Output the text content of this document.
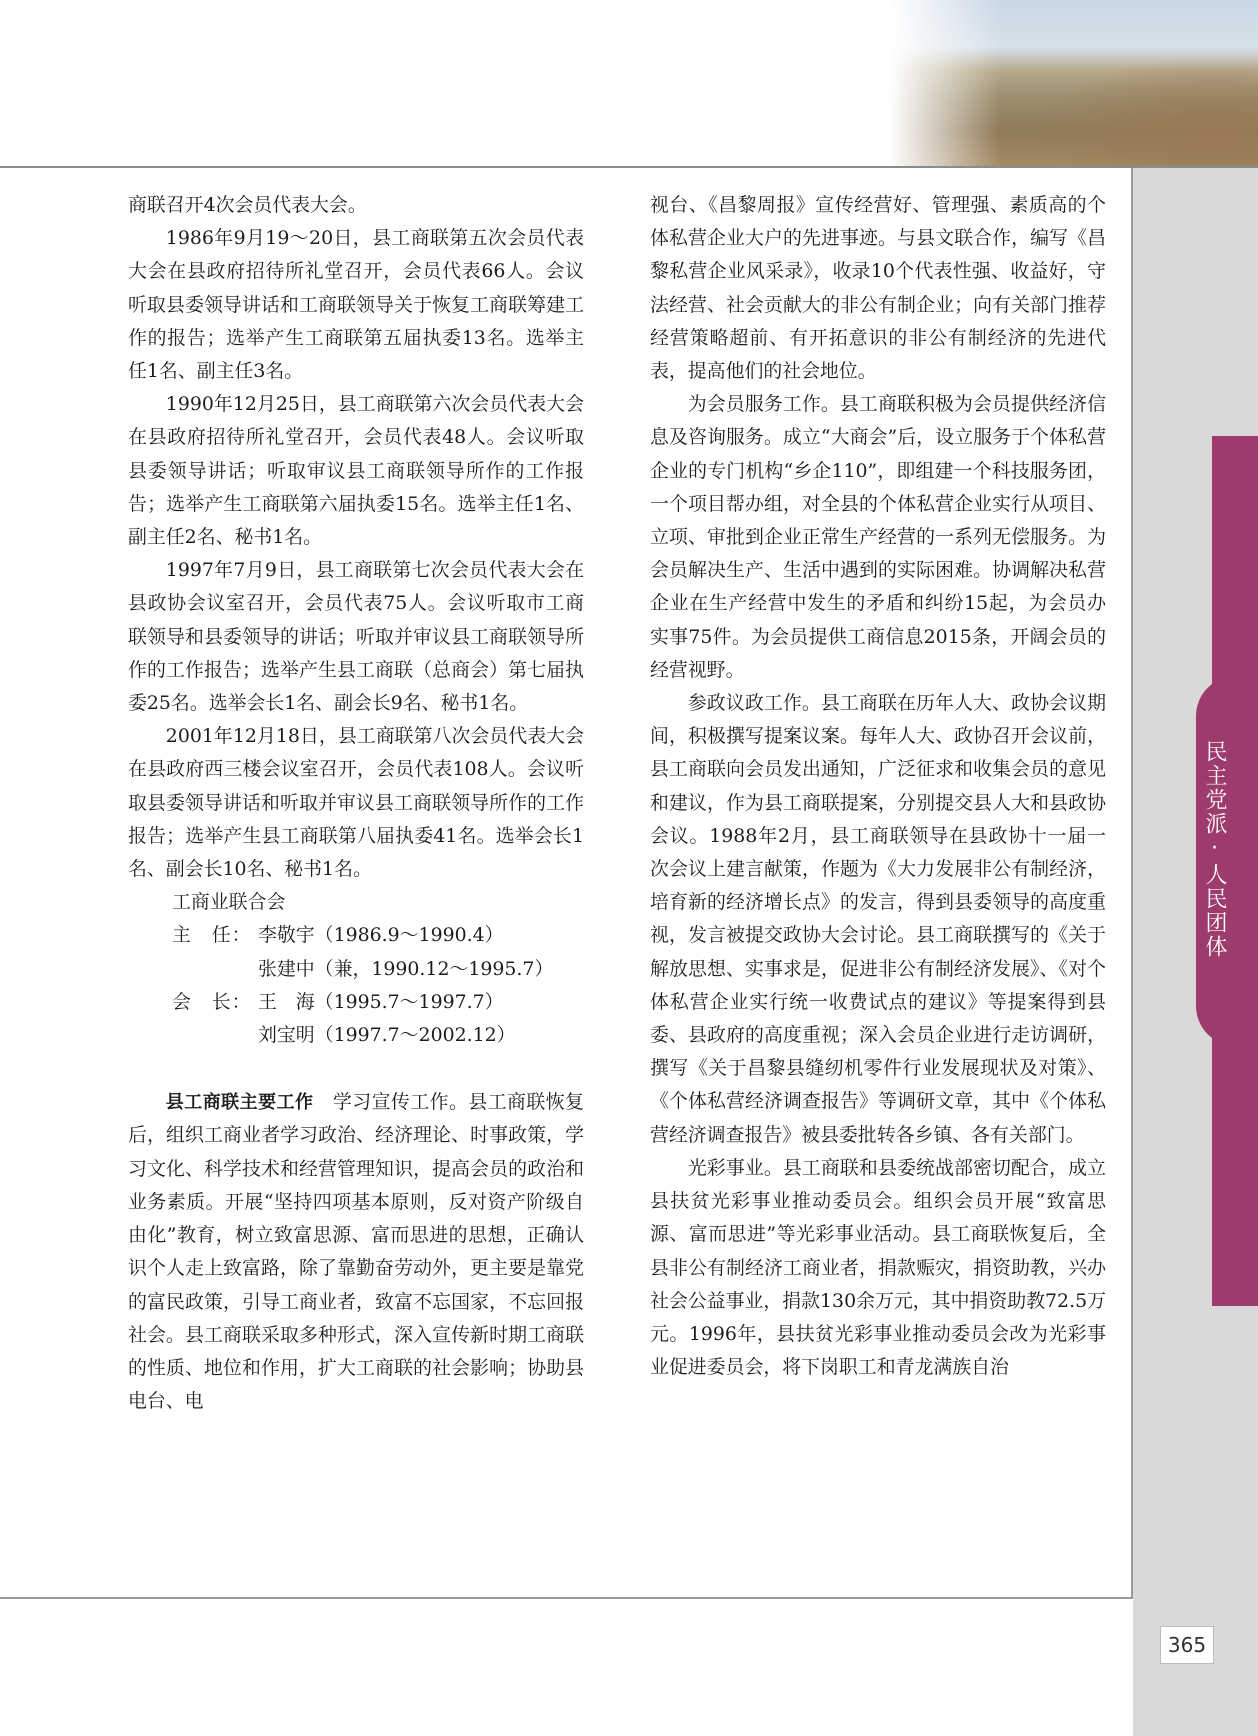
民主党派·人民团体
365

商联召开4次会员代表大会。

1986年9月19～20日，县工商联第五次会员代表大会在县政府招待所礼堂召开，会员代表66人。会议听取县委领导讲话和工商联领导关于恢复工商联筹建工作的报告；选举产生工商联第五届执委13名。选举主任1名、副主任3名。

1990年12月25日，县工商联第六次会员代表大会在县政府招待所礼堂召开，会员代表48人。会议听取县委领导讲话；听取审议县工商联领导所作的工作报告；选举产生工商联第六届执委15名。选举主任1名、副主任2名、秘书1名。

1997年7月9日，县工商联第七次会员代表大会在县政协会议室召开，会员代表75人。会议听取市工商联领导和县委领导的讲话；听取并审议县工商联领导所作的工作报告；选举产生县工商联（总商会）第七届执委25名。选举会长1名、副会长9名、秘书1名。

2001年12月18日，县工商联第八次会员代表大会在县政府西三楼会议室召开，会员代表108人。会议听取县委领导讲话和听取并审议县工商联领导所作的工作报告；选举产生县工商联第八届执委41名。选举会长1名、副会长10名、秘书1名。

工商业联合会
主　任： 李敬宇（1986.9～1990.4）
张建中（兼，1990.12～1995.7）
会　长： 王　海（1995.7～1997.7）
刘宝明（1997.7～2002.12）

县工商联主要工作　 学习宣传工作。县工商联恢复后，组织工商业者学习政治、经济理论、时事政策，学习文化、科学技术和经营管理知识，提高会员的政治和业务素质。开展“坚持四项基本原则，反对资产阶级自由化”教育，树立致富思源、富而思进的思想，正确认识个人走上致富路，除了靠勤奋劳动外，更主要是靠党的富民政策，引导工商业者，致富不忘国家，不忘回报社会。县工商联采取多种形式，深入宣传新时期工商联的性质、地位和作用，扩大工商联的社会影响；协助县电台、电

视台、《昌黎周报》宣传经营好、管理强、素质高的个体私营企业大户的先进事迹。与县文联合作，编写《昌黎私营企业风采录》，收录10个代表性强、收益好，守法经营、社会贡献大的非公有制企业；向有关部门推荐经营策略超前、有开拓意识的非公有制经济的先进代表，提高他们的社会地位。

为会员服务工作。县工商联积极为会员提供经济信息及咨询服务。成立“大商会”后，设立服务于个体私营企业的专门机构“乡企110”，即组建一个科技服务团，一个项目帮办组，对全县的个体私营企业实行从项目、立项、审批到企业正常生产经营的一系列无偿服务。为会员解决生产、生活中遇到的实际困难。协调解决私营企业在生产经营中发生的矛盾和纠纷15起，为会员办实事75件。为会员提供工商信息2015条，开阔会员的经营视野。

参政议政工作。县工商联在历年人大、政协会议期间，积极撰写提案议案。每年人大、政协召开会议前，县工商联向会员发出通知，广泛征求和收集会员的意见和建议，作为县工商联提案，分别提交县人大和县政协会议。1988年2月，县工商联领导在县政协十一届一次会议上建言献策，作题为《大力发展非公有制经济，培育新的经济增长点》的发言，得到县委领导的高度重视，发言被提交政协大会讨论。县工商联撰写的《关于解放思想、实事求是，促进非公有制经济发展》、《对个体私营企业实行统一收费试点的建议》等提案得到县委、县政府的高度重视；深入会员企业进行走访调研，撰写《关于昌黎县缝纫机零件行业发展现状及对策》、《个体私营经济调查报告》等调研文章，其中《个体私营经济调查报告》被县委批转各乡镇、各有关部门。

光彩事业。县工商联和县委统战部密切配合，成立县扶贫光彩事业推动委员会。组织会员开展“致富思源、富而思进”等光彩事业活动。县工商联恢复后，全县非公有制经济工商业者，捐款赈灾，捐资助教，兴办社会公益事业，捐款130余万元，其中捐资助教72.5万元。1996年，县扶贫光彩事业推动委员会改为光彩事业促进委员会，将下岗职工和青龙满族自治
